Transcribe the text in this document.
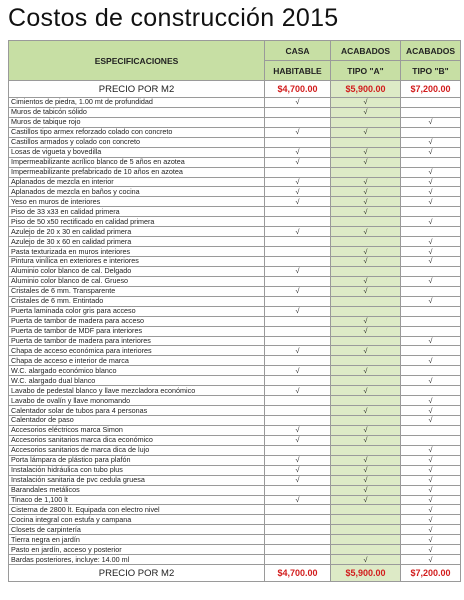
Costos de construcción 2015
ESPECIFICACIONES	CASA	ACABADOS	ACABADOS
	HABITABLE	TIPO "A"	TIPO "B"
PRECIO POR M2	$4,700.00	$5,900.00	$7,200.00
Cimientos de piedra, 1.00 mt de profundidad	√	√	
Muros de tabicón sólido		√	
Muros de tabique rojo			√
Castillos tipo armex reforzado colado con concreto	√	√	
Castillos armados y colado con concreto			√
Losas de vigueta y bovedilla	√	√	√
Impermeabilizante acrílico blanco de 5 años en azotea	√	√	
Impermeabilizante prefabricado de 10 años en azotea			√
Aplanados de mezcla en interior	√	√	√
Aplanados de mezcla en baños y cocina	√	√	√
Yeso en muros de interiores	√	√	√
Piso de 33 x33 en calidad primera		√	
Piso de 50 x50 rectificado en calidad primera			√
Azulejo de 20 x 30 en calidad primera	√	√	
Azulejo de 30 x 60 en calidad primera			√
Pasta texturizada en muros interiores		√	√
Pintura vinílica en exteriores e interiores		√	√
Aluminio color blanco de cal. Delgado	√		
Aluminio color blanco de cal. Grueso		√	√
Cristales de 6 mm. Transparente	√	√	
Cristales de 6 mm. Entintado			√
Puerta laminada color gris para acceso	√		
Puerta de tambor de madera para acceso		√	
Puerta de tambor de MDF para interiores		√	
Puerta de tambor de madera para interiores			√
Chapa de acceso económica para interiores	√	√	
Chapa de acceso e interior de marca			√
W.C. alargado económico blanco	√	√	
W.C. alargado dual blanco			√
Lavabo de pedestal blanco y llave mezcladora económico	√	√	
Lavabo de ovalín y llave monomando			√
Calentador solar de tubos para 4 personas		√	√
Calentador de paso			√
Accesorios eléctricos marca Simon	√	√	
Accesorios sanitarios marca dica económico	√	√	
Accesorios sanitarios de marca dica de lujo			√
Porta lámpara de plástico para plafón	√	√	√
Instalación hidráulica con tubo plus	√	√	√
Instalación sanitaria de pvc cedula gruesa	√	√	√
Barandales metálicos		√	√
Tinaco de 1,100 lt	√	√	√
Cisterna de 2800 lt. Equipada con electro nivel			√
Cocina integral con estufa y campana			√
Closets de carpintería			√
Tierra negra en jardín			√
Pasto en jardín, acceso y posterior			√
Bardas posteriores, incluye: 14.00 ml		√	√
PRECIO POR M2	$4,700.00	$5,900.00	$7,200.00
